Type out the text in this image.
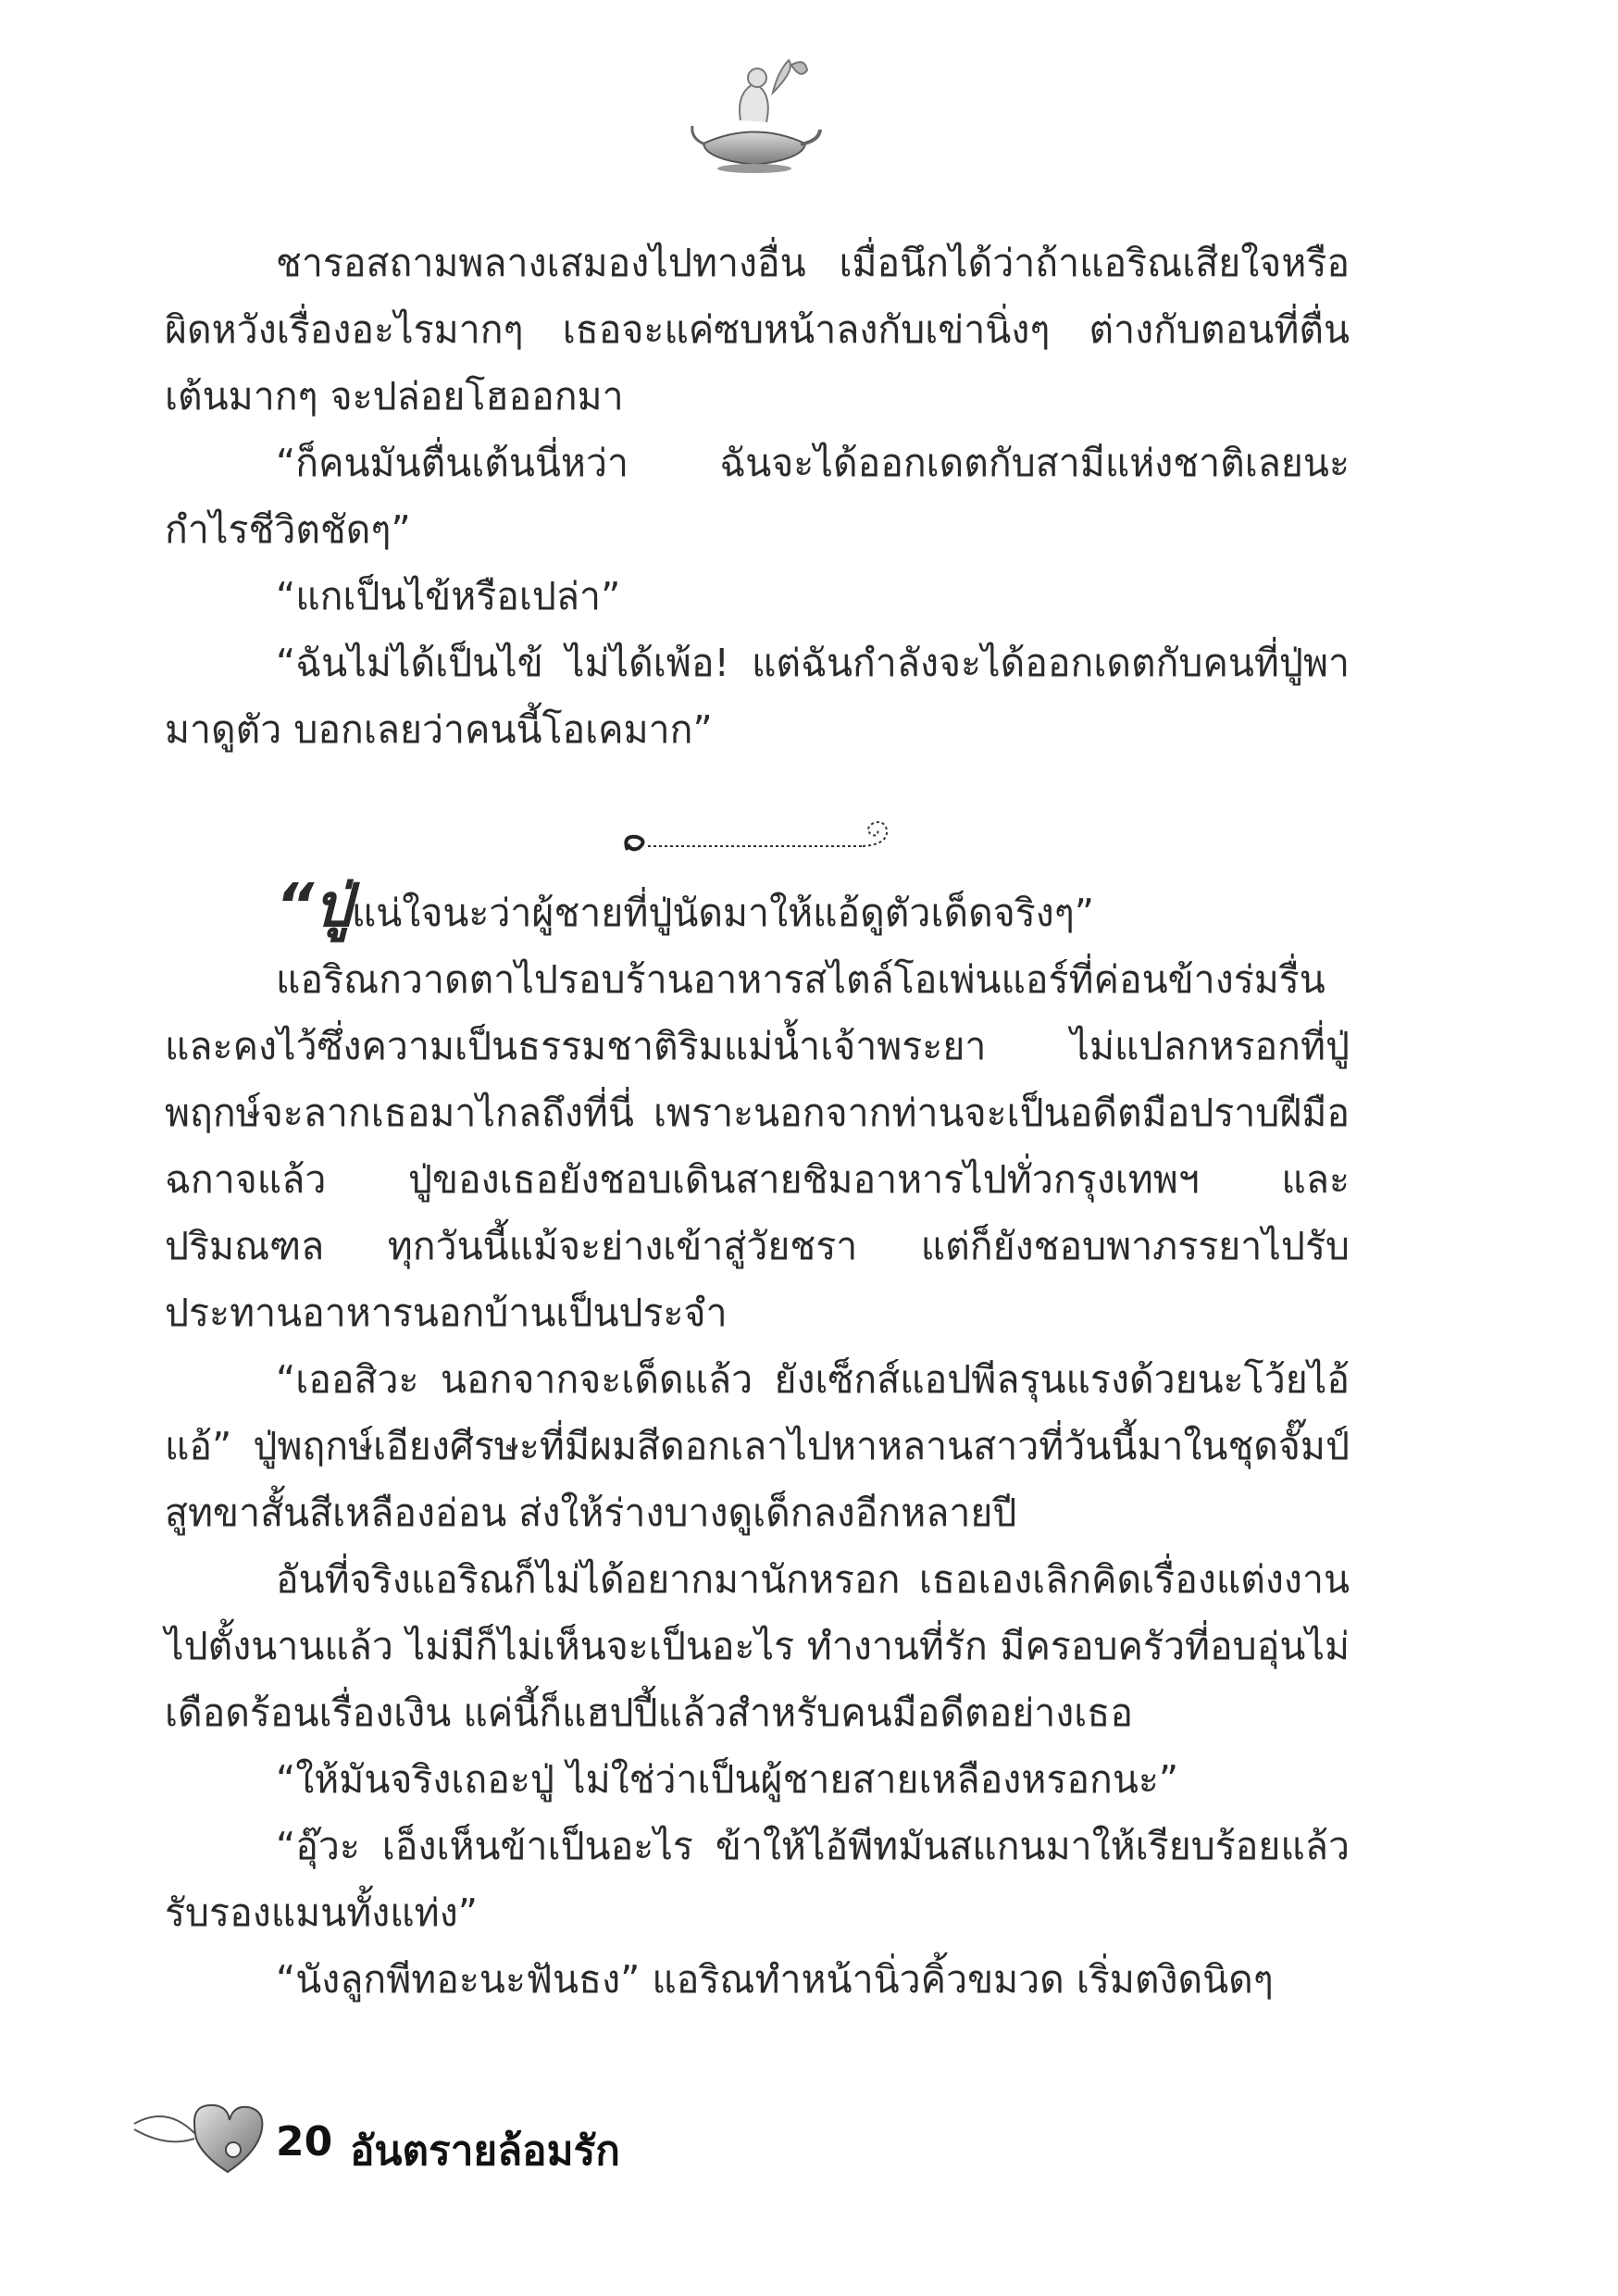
ชารอสถามพลางเสมองไปทางอื่น เมื่อนึกได้ว่าถ้าแอริณเสียใจหรือผิดหวังเรื่องอะไรมากๆ เธอจะแค่ซบหน้าลงกับเข่านิ่งๆ ต่างกับตอนที่ตื่นเต้นมากๆ จะปล่อยโฮออกมา

“ก็คนมันตื่นเต้นนี่หว่า ฉันจะได้ออกเดตกับสามีแห่งชาติเลยนะ กำไรชีวิตชัดๆ”

“แกเป็นไข้หรือเปล่า”

“ฉันไม่ได้เป็นไข้ ไม่ได้เพ้อ! แต่ฉันกำลังจะได้ออกเดตกับคนที่ปู่พามาดูตัว บอกเลยว่าคนนี้โอเคมาก”

“ปู่แน่ใจนะว่าผู้ชายที่ปู่นัดมาให้แอ้ดูตัวเด็ดจริงๆ”

แอริณกวาดตาไปรอบร้านอาหารสไตล์โอเพ่นแอร์ที่ค่อนข้างร่มรื่นและคงไว้ซึ่งความเป็นธรรมชาติริมแม่น้ำเจ้าพระยา ไม่แปลกหรอกที่ปู่พฤกษ์จะลากเธอมาไกลถึงที่นี่ เพราะนอกจากท่านจะเป็นอดีตมือปราบฝีมือฉกาจแล้ว ปู่ของเธอยังชอบเดินสายชิมอาหารไปทั่วกรุงเทพฯ และปริมณฑล ทุกวันนี้แม้จะย่างเข้าสู่วัยชรา แต่ก็ยังชอบพาภรรยาไปรับประทานอาหารนอกบ้านเป็นประจำ

“เออสิวะ นอกจากจะเด็ดแล้ว ยังเซ็กส์แอปพีลรุนแรงด้วยนะโว้ยไอ้แอ้” ปู่พฤกษ์เอียงศีรษะที่มีผมสีดอกเลาไปหาหลานสาวที่วันนี้มาในชุดจั๊มป์สูทขาสั้นสีเหลืองอ่อน ส่งให้ร่างบางดูเด็กลงอีกหลายปี

อันที่จริงแอริณก็ไม่ได้อยากมานักหรอก เธอเองเลิกคิดเรื่องแต่งงานไปตั้งนานแล้ว ไม่มีก็ไม่เห็นจะเป็นอะไร ทำงานที่รัก มีครอบครัวที่อบอุ่นไม่เดือดร้อนเรื่องเงิน แค่นี้ก็แฮปปี้แล้วสำหรับคนมือดีตอย่างเธอ

“ให้มันจริงเถอะปู่ ไม่ใช่ว่าเป็นผู้ชายสายเหลืองหรอกนะ”

“อุ๊วะ เอ็งเห็นข้าเป็นอะไร ข้าให้ไอ้พีทมันสแกนมาให้เรียบร้อยแล้วรับรองแมนทั้งแท่ง”

“นังลูกพีทอะนะฟันธง” แอริณทำหน้านิ่วคิ้วขมวด เริ่มตงิดนิดๆ

20 อันตรายล้อมรัก
